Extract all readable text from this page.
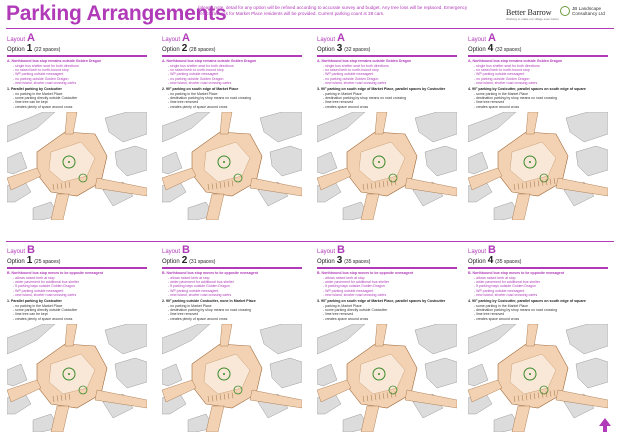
Parking Arrangements
(please note, detail for any option will be refined according to accurate survey and budget. Any tree loss will be replaced. Emergency vehicle/access for Market Place residents will be provided. Current parking count is 38 cars.	Better Barrow
Working to make our village even better
JB Landscape
Consultancy Ltd
Layout A
Option 1 (22 spaces)
A. Northbound bus stop remains outside Golden Dragon
- single bus shelter seat for both directions
- no raised kerb to north-bound stop
- WP parking outside newsagent
- no parking outside Golden Dragon
- new island, shorter road crossing cartrs
1. Parallel parking by Costcutter
- no parking in the Market Place
- some parking directly outside Costcutter
- lime tree can be kept
- creates plenty of space around cross
Layout A
Option 2 (28 spaces)
A. Northbound bus stop remains outside Golden Dragon
- single bus shelter seat for both directions
- no raised kerb to north-bound stop
- WP parking outside newsagent
- no parking outside Golden Dragon
- new island, shorter road crossing cartrs
2. 90° parking on south edge of Market Place
- no parking in the Market Place
- destination parking by shop means no road crossing
- lime tree removed
- creates plenty of space around cross
Layout A
Option 3 (32 spaces)
A. Northbound bus stop remains outside Golden Dragon
- single bus shelter seat for both directions
- no raised kerb to north-bound stop
- WP parking outside newsagent
- no parking outside Golden Dragon
- new island, shorter road crossing cartrs
3. 90° parking on south edge of Market Place, parallel spaces by Costcutter
- parking in Market Place
- destination parking by shop means no road crossing
- lime tree removed
- creates space around cross
Layout A
Option 4 (32 spaces)
A. Northbound bus stop remains outside Golden Dragon
- single bus shelter seat for both directions
- no raised kerb to north-bound stop
- WP parking outside newsagent
- no parking outside Golden Dragon
- new island, shorter road crossing cartrs
4. 90° parking by Costcutter, parallel spaces on south edge of square
- some parking in the Market Place
- destination parking by shop means no road crossing
- lime tree removed
- creates space around cross
Layout B
Option 1 (25 spaces)
B. Northbound bus stop moves to be opposite newsagent
- allows raised kerb at stop
- wider pavement for additional bus shelter
- 5 parking bays outside Golden Dragon
- WP parking outside newsagent
- new island, shorter road crossing cartrs
1. Parallel parking by Costcutter
- no parking in the Market Place
- some parking directly outside Costcutter
- lime tree can be kept
- creates plenty of space around cross
Layout B
Option 2 (31 spaces)
B. Northbound bus stop moves to be opposite newsagent
- allows raised kerb at stop
- wider pavement for additional bus shelter
- 5 parking bays outside Golden Dragon
- WP parking outside newsagent
- new island, shorter road crossing cartrs
2. 90° parking outside Costcutter, none in Market Place
- no parking in Market Place
- destination parking by shop means no road crossing
- lime tree removed
- creates plenty of space around cross
Layout B
Option 3 (35 spaces)
B. Northbound bus stop moves to be opposite newsagent
- allows raised kerb at stop
- wider pavement for additional bus shelter
- 5 parking bays outside Golden Dragon
- WP parking outside newsagent
- new island, shorter road crossing cartrs
3. 90° parking on south edge of Market Place, parallel spaces by Costcutter
- parking in Market Place
- some parking directly outside Costcutter
- lime tree removed
- creates space around cross
Layout B
Option 4 (35 spaces)
B. Northbound bus stop moves to be opposite newsagent
- allows raised kerb at stop
- wider pavement for additional bus shelter
- 5 parking bays outside Golden Dragon
- WP parking outside newsagent
- new island, shorter road crossing cartrs
4. 90° parking by Costcutter, parallel spaces on south edge of square
- some parking in the Market Place
- destination parking by shop means no road crossing
- lime tree removed
- creates space around cross
